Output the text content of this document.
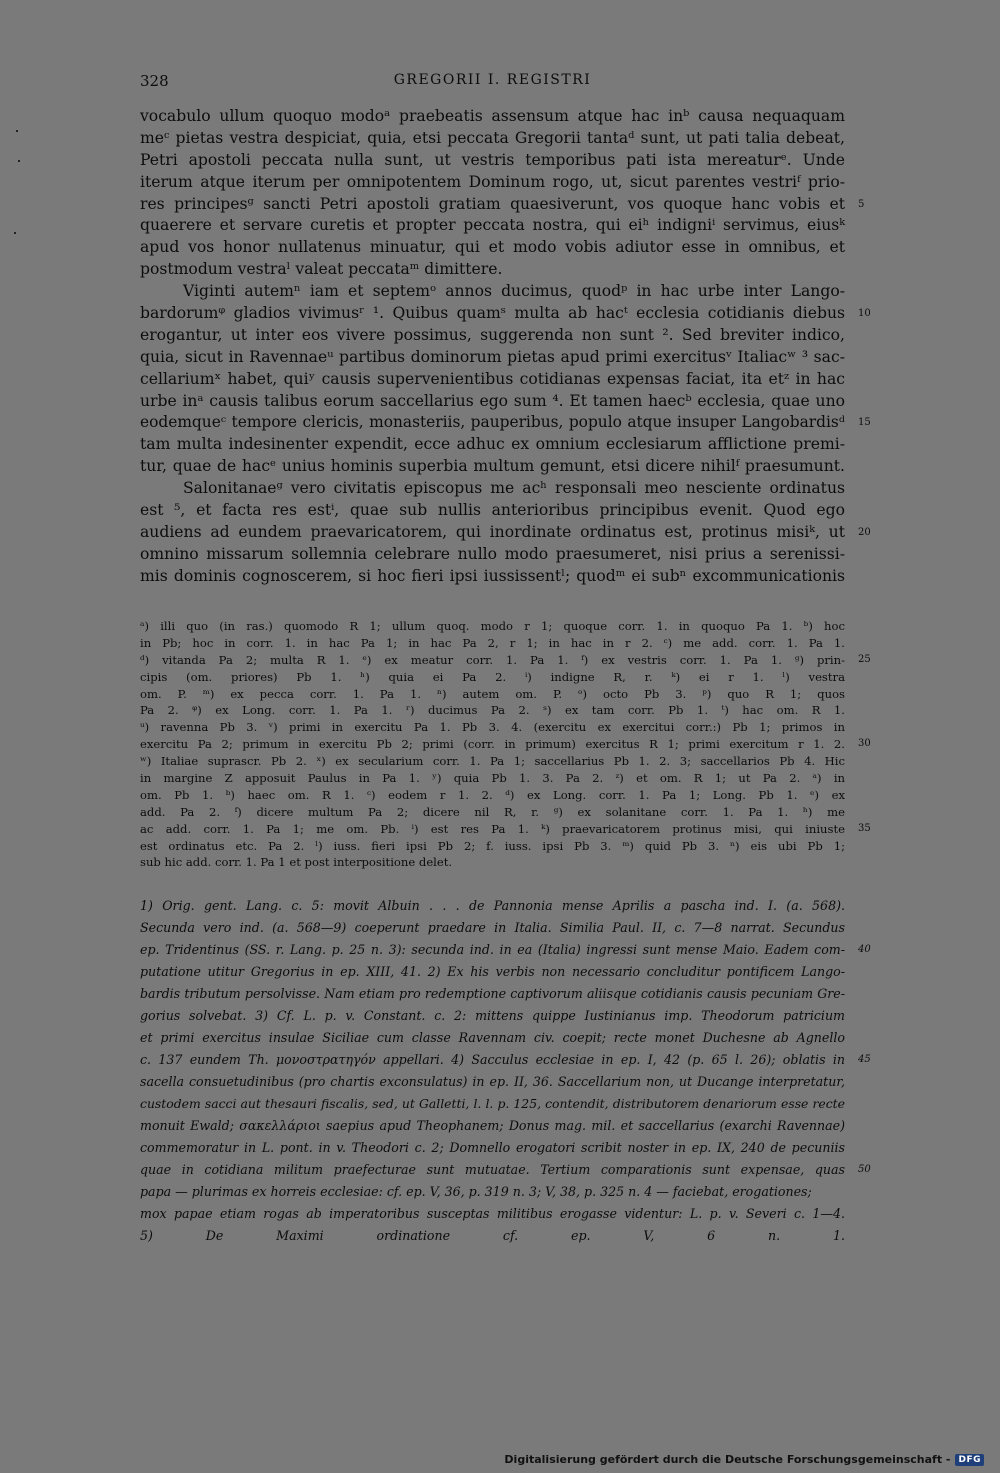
328	GREGORII I. REGISTRI
vocabulo ullum quoquo modoᵃ praebeatis assensum atque hac inᵇ causa nequaquam
meᶜ pietas vestra despiciat, quia, etsi peccata Gregorii tantaᵈ sunt, ut pati talia debeat,
Petri apostoli peccata nulla sunt, ut vestris temporibus pati ista mereaturᵉ. Unde
iterum atque iterum per omnipotentem Dominum rogo, ut, sicut parentes vestriᶠ prio-
res principesᵍ sancti Petri apostoli gratiam quaesiverunt, vos quoque hanc vobis et 5
quaerere et servare curetis et propter peccata nostra, qui eiʰ indigniⁱ servimus, eiusᵏ
apud vos honor nullatenus minuatur, qui et modo vobis adiutor esse in omnibus, et
postmodum vestraˡ valeat peccataᵐ dimittere.
Viginti autemⁿ iam et septemᵒ annos ducimus, quodᵖ in hac urbe inter Lango-
bardorumᵠ gladios vivimusʳ ¹. Quibus quamˢ multa ab hacᵗ ecclesia cotidianis diebus 10
erogantur, ut inter eos vivere possimus, suggerenda non sunt ². Sed breviter indico,
quia, sicut in Ravennaeᵘ partibus dominorum pietas apud primi exercitusᵛ Italiacʷ ³ sac-
cellariumˣ habet, quiʸ causis supervenientibus cotidianas expensas faciat, ita etᶻ in hac
urbe inᵃ causis talibus eorum saccellarius ego sum ⁴. Et tamen haecᵇ ecclesia, quae uno
eodemqueᶜ tempore clericis, monasteriis, pauperibus, populo atque insuper Langobardisᵈ 15
tam multa indesinenter expendit, ecce adhuc ex omnium ecclesiarum afflictione premi-
tur, quae de hacᵉ unius hominis superbia multum gemunt, etsi dicere nihilᶠ praesumunt.
Salonitanaeᵍ vero civitatis episcopus me acʰ responsali meo nesciente ordinatus
est ⁵, et facta res estⁱ, quae sub nullis anterioribus principibus evenit. Quod ego
audiens ad eundem praevaricatorem, qui inordinate ordinatus est, protinus misiᵏ, ut 20
omnino missarum sollemnia celebrare nullo modo praesumeret, nisi prius a serenissi-
mis dominis cognoscerem, si hoc fieri ipsi iussissentˡ; quodᵐ ei subⁿ excommunicationis
ᵃ) illi quo (in ras.) quomodo R 1; ullum quoq. modo r 1; quoque corr. 1. in quoquo Pa 1. ᵇ) hoc
in Pb; hoc in corr. 1. in hac Pa 1; in hac Pa 2, r 1; in hac in r 2. ᶜ) me add. corr. 1. Pa 1.
ᵈ) vitanda Pa 2; multa R 1. ᵉ) ex meatur corr. 1. Pa 1. ᶠ) ex vestris corr. 1. Pa 1. ᵍ) prin- 25
cipis (om. priores) Pb 1. ʰ) quia ei Pa 2. ⁱ) indigne R, r. ᵏ) ei r 1. ˡ) vestra
om. P. ᵐ) ex pecca corr. 1. Pa 1. ⁿ) autem om. P. ᵒ) octo Pb 3. ᵖ) quo R 1; quos
Pa 2. ᵠ) ex Long. corr. 1. Pa 1. ʳ) ducimus Pa 2. ˢ) ex tam corr. Pb 1. ᵗ) hac om. R 1.
ᵘ) ravenna Pb 3. ᵛ) primi in exercitu Pa 1. Pb 3. 4. (exercitu ex exercitui corr.:) Pb 1; primos in
exercitu Pa 2; primum in exercitu Pb 2; primi (corr. in primum) exercitus R 1; primi exercitum r 1. 2. 30
ʷ) Italiae suprascr. Pb 2. ˣ) ex secularium corr. 1. Pa 1; saccellarius Pb 1. 2. 3; saccellarios Pb 4. Hic
in margine Z apposuit Paulus in Pa 1. ʸ) quia Pb 1. 3. Pa 2. ᶻ) et om. R 1; ut Pa 2. ᵃ) in
om. Pb 1. ᵇ) haec om. R 1. ᶜ) eodem r 1. 2. ᵈ) ex Long. corr. 1. Pa 1; Long. Pb 1. ᵉ) ex
add. Pa 2. ᶠ) dicere multum Pa 2; dicere nil R, r. ᵍ) ex solanitane corr. 1. Pa 1. ʰ) me
ac add. corr. 1. Pa 1; me om. Pb. ⁱ) est res Pa 1. ᵏ) praevaricatorem protinus misi, qui iniuste 35
est ordinatus etc. Pa 2. ˡ) iuss. fieri ipsi Pb 2; f. iuss. ipsi Pb 3. ᵐ) quid Pb 3. ⁿ) eis ubi Pb 1;
sub hic add. corr. 1. Pa 1 et post interpositione delet.
1) Orig. gent. Lang. c. 5: movit Albuin . . . de Pannonia mense Aprilis a pascha ind. I. (a. 568).
Secunda vero ind. (a. 568—9) coeperunt praedare in Italia. Similia Paul. II, c. 7—8 narrat. Secundus
ep. Tridentinus (SS. r. Lang. p. 25 n. 3): secunda ind. in ea (Italia) ingressi sunt mense Maio. Eadem com- 40
putatione utitur Gregorius in ep. XIII, 41. 2) Ex his verbis non necessario concluditur pontificem Lango-
bardis tributum persolvisse. Nam etiam pro redemptione captivorum aliisque cotidianis causis pecuniam Gre-
gorius solvebat. 3) Cf. L. p. v. Constant. c. 2: mittens quippe Iustinianus imp. Theodorum patricium
et primi exercitus insulae Siciliae cum classe Ravennam civ. coepit; recte monet Duchesne ab Agnello
c. 137 eundem Th. μονοστρατηγόν appellari. 4) Sacculus ecclesiae in ep. I, 42 (p. 65 l. 26); oblatis in 45
sacella consuetudinibus (pro chartis exconsulatus) in ep. II, 36. Saccellarium non, ut Ducange interpretatur,
custodem sacci aut thesauri fiscalis, sed, ut Galletti, l. l. p. 125, contendit, distributorem denariorum esse recte
monuit Ewald; σακελλάριοι saepius apud Theophanem; Donus mag. mil. et saccellarius (exarchi Ravennae)
commemoratur in L. pont. in v. Theodori c. 2; Domnello erogatori scribit noster in ep. IX, 240 de pecuniis
quae in cotidiana militum praefecturae sunt mutuatae. Tertium comparationis sunt expensae, quas 50
papa — plurimas ex horreis ecclesiae: cf. ep. V, 36, p. 319 n. 3; V, 38, p. 325 n. 4 — faciebat, erogationes;
mox papae etiam rogas ab imperatoribus susceptas militibus erogasse videntur: L. p. v. Severi c. 1—4.
5) De Maximi ordinatione cf. ep. V, 6 n. 1.
Digitalisierung gefördert durch die Deutsche Forschungsgemeinschaft - DFG
